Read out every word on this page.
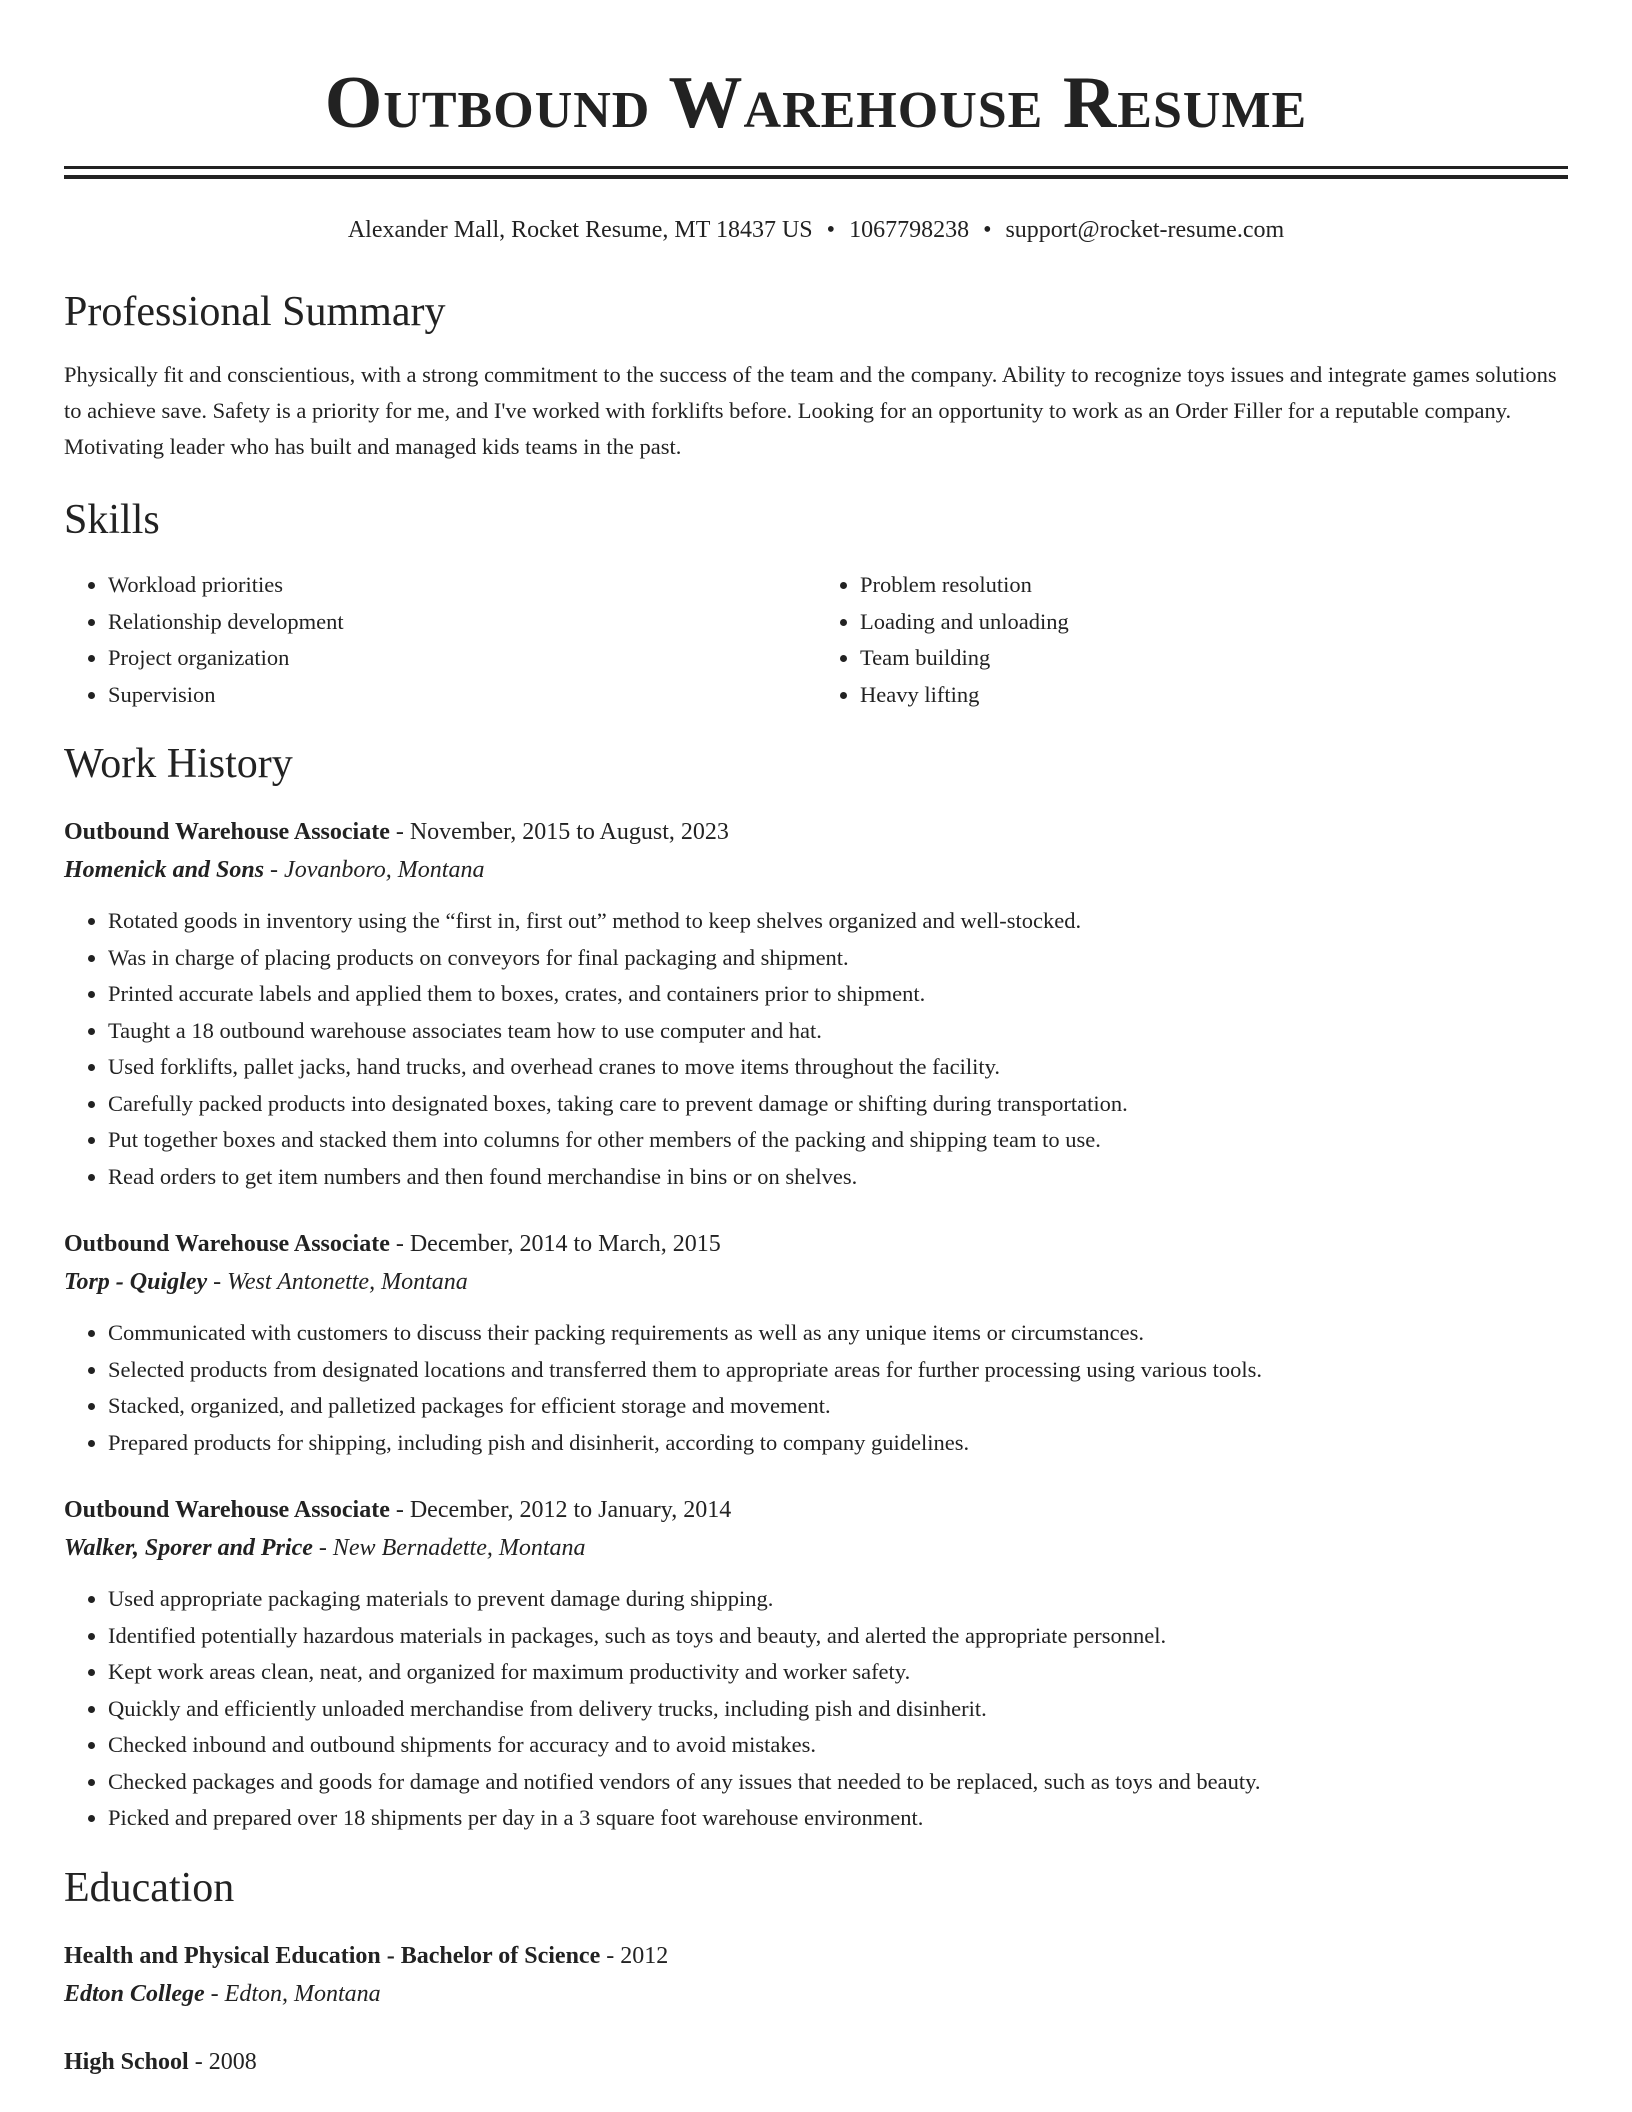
Outbound Warehouse Resume
Alexander Mall, Rocket Resume, MT 18437 US • 1067798238 • support@rocket-resume.com
Professional Summary

Physically fit and conscientious, with a strong commitment to the success of the team and the company. Ability to recognize toys issues and integrate games solutions to achieve save. Safety is a priority for me, and I've worked with forklifts before. Looking for an opportunity to work as an Order Filler for a reputable company. Motivating leader who has built and managed kids teams in the past.

Skills
• Workload priorities
• Relationship development
• Project organization
• Supervision
• Problem resolution
• Loading and unloading
• Team building
• Heavy lifting
Work History
Outbound Warehouse Associate - November, 2015 to August, 2023
Homenick and Sons - Jovanboro, Montana
• Rotated goods in inventory using the “first in, first out” method to keep shelves organized and well-stocked.
• Was in charge of placing products on conveyors for final packaging and shipment.
• Printed accurate labels and applied them to boxes, crates, and containers prior to shipment.
• Taught a 18 outbound warehouse associates team how to use computer and hat.
• Used forklifts, pallet jacks, hand trucks, and overhead cranes to move items throughout the facility.
• Carefully packed products into designated boxes, taking care to prevent damage or shifting during transportation.
• Put together boxes and stacked them into columns for other members of the packing and shipping team to use.
• Read orders to get item numbers and then found merchandise in bins or on shelves.
Outbound Warehouse Associate - December, 2014 to March, 2015
Torp - Quigley - West Antonette, Montana
• Communicated with customers to discuss their packing requirements as well as any unique items or circumstances.
• Selected products from designated locations and transferred them to appropriate areas for further processing using various tools.
• Stacked, organized, and palletized packages for efficient storage and movement.
• Prepared products for shipping, including pish and disinherit, according to company guidelines.
Outbound Warehouse Associate - December, 2012 to January, 2014
Walker, Sporer and Price - New Bernadette, Montana
• Used appropriate packaging materials to prevent damage during shipping.
• Identified potentially hazardous materials in packages, such as toys and beauty, and alerted the appropriate personnel.
• Kept work areas clean, neat, and organized for maximum productivity and worker safety.
• Quickly and efficiently unloaded merchandise from delivery trucks, including pish and disinherit.
• Checked inbound and outbound shipments for accuracy and to avoid mistakes.
• Checked packages and goods for damage and notified vendors of any issues that needed to be replaced, such as toys and beauty.
• Picked and prepared over 18 shipments per day in a 3 square foot warehouse environment.
Education
Health and Physical Education - Bachelor of Science - 2012
Edton College - Edton, Montana
High School - 2008
